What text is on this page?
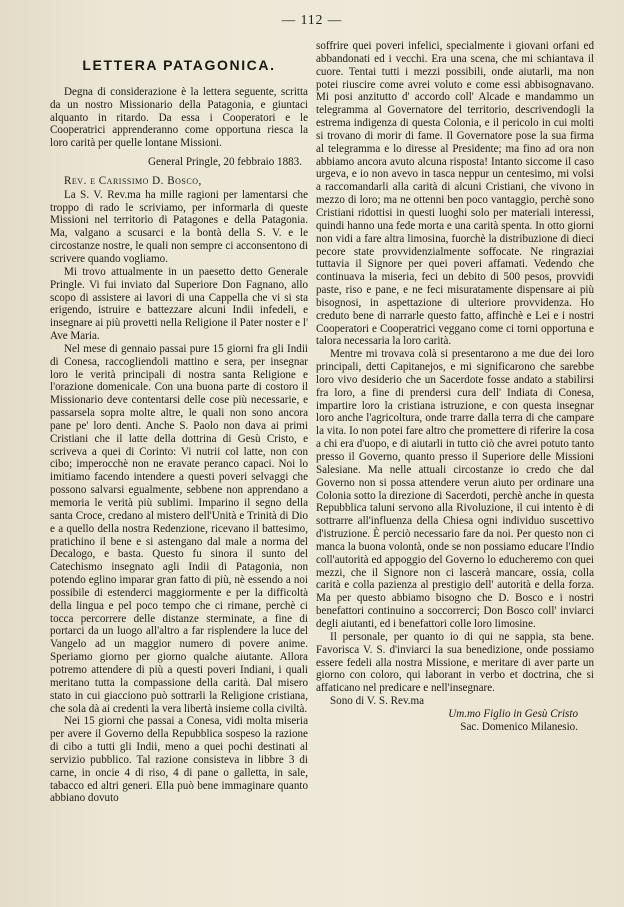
— 112 —
LETTERA PATAGONICA.

Degna di considerazione è la lettera seguente, scritta da un nostro Missionario della Patagonia, e giuntaci alquanto in ritardo. Da essa i Cooperatori e le Cooperatrici apprenderanno come opportuna riesca la loro carità per quelle lontane Missioni.

General Pringle, 20 febbraio 1883.
Rev. e Carissimo D. Bosco,

La S. V. Rev.ma ha mille ragioni per lamentarsi che troppo di rado le scriviamo, per informarla di queste Missioni nel territorio di Patagones e della Patagonia. Ma, valgano a scusarci e la bontà della S. V. e le circostanze nostre, le quali non sempre ci acconsentono di scrivere quando vogliamo.

Mi trovo attualmente in un paesetto detto Generale Pringle. Vi fui inviato dal Superiore Don Fagnano, allo scopo di assistere ai lavori di una Cappella che vi si sta erigendo, istruire e battezzare alcuni Indii infedeli, e insegnare ai più provetti nella Religione il Pater noster e l' Ave Maria.

Nel mese di gennaio passai pure 15 giorni fra gli Indii di Conesa, raccogliendoli mattino e sera, per insegnar loro le verità principali di nostra santa Religione e l'orazione domenicale. Con una buona parte di costoro il Missionario deve contentarsi delle cose più necessarie, e passarsela sopra molte altre, le quali non sono ancora pane pe' loro denti. Anche S. Paolo non dava ai primi Cristiani che il latte della dottrina di Gesù Cristo, e scriveva a quei di Corinto: Vi nutrii col latte, non con cibo; imperocchè non ne eravate peranco capaci. Noi lo imitiamo facendo intendere a questi poveri selvaggi che possono salvarsi egualmente, sebbene non apprendano a memoria le verità più sublimi. Imparino il segno della santa Croce, credano al mistero dell'Unità e Trinità di Dio e a quello della nostra Redenzione, ricevano il battesimo, pratichino il bene e si astengano dal male a norma del Decalogo, e basta. Questo fu sinora il sunto del Catechismo insegnato agli Indii di Patagonia, non potendo eglino imparar gran fatto di più, nè essendo a noi possibile di estenderci maggiormente e per la difficoltà della lingua e pel poco tempo che ci rimane, perchè ci tocca percorrere delle distanze sterminate, a fine di portarci da un luogo all'altro a far risplendere la luce del Vangelo ad un maggior numero di povere anime. Speriamo giorno per giorno qualche aiutante. Allora potremo attendere di più a questi poveri Indiani, i quali meritano tutta la compassione della carità. Dal misero stato in cui giacciono può sottrarli la Religione cristiana, che sola dà ai credenti la vera libertà insieme colla civiltà.

Nei 15 giorni che passai a Conesa, vidi molta miseria per avere il Governo della Repubblica sospeso la razione di cibo a tutti gli Indii, meno a quei pochi destinati al servizio pubblico. Tal razione consisteva in libbre 3 di carne, in oncie 4 di riso, 4 di pane o galletta, in sale, tabacco ed altri generi. Ella può bene immaginare quanto abbiano dovuto

soffrire quei poveri infelici, specialmente i giovani orfani ed abbandonati ed i vecchi. Era una scena, che mi schiantava il cuore. Tentai tutti i mezzi possibili, onde aiutarli, ma non potei riuscire come avrei voluto e come essi abbisognavano. Mi posi anzitutto d' accordo coll' Alcade e mandammo un telegramma al Governatore del territorio, descrivendogli la estrema indigenza di questa Colonia, e il pericolo in cui molti si trovano di morir di fame. Il Governatore pose la sua firma al telegramma e lo diresse al Presidente; ma fino ad ora non abbiamo ancora avuto alcuna risposta! Intanto siccome il caso urgeva, e io non avevo in tasca neppur un centesimo, mi volsi a raccomandarli alla carità di alcuni Cristiani, che vivono in mezzo di loro; ma ne ottenni ben poco vantaggio, perchè sono Cristiani ridottisi in questi luoghi solo per materiali interessi, quindi hanno una fede morta e una carità spenta. In otto giorni non vidi a fare altra limosina, fuorchè la distribuzione di dieci pecore state provvidenzialmente soffocate. Ne ringraziai tuttavia il Signore per quei poveri affamati. Vedendo che continuava la miseria, feci un debito di 500 pesos, provvidi paste, riso e pane, e ne feci misuratamente dispensare ai più bisognosi, in aspettazione di ulteriore provvidenza. Ho creduto bene di narrarle questo fatto, affinchè e Lei e i nostri Cooperatori e Cooperatrici veggano come ci torni opportuna e talora necessaria la loro carità.

Mentre mi trovava colà si presentarono a me due dei loro principali, detti Capitanejos, e mi significarono che sarebbe loro vivo desiderio che un Sacerdote fosse andato a stabilirsi fra loro, a fine di prendersi cura dell' Indiata di Conesa, impartire loro la cristiana istruzione, e con questa insegnar loro anche l'agricoltura, onde trarre dalla terra di che campare la vita. Io non potei fare altro che promettere di riferire la cosa a chi era d'uopo, e di aiutarli in tutto ciò che avrei potuto tanto presso il Governo, quanto presso il Superiore delle Missioni Salesiane. Ma nelle attuali circostanze io credo che dal Governo non si possa attendere verun aiuto per ordinare una Colonia sotto la direzione di Sacerdoti, perchè anche in questa Repubblica taluni servono alla Rivoluzione, il cui intento è di sottrarre all'influenza della Chiesa ogni individuo suscettivo d'istruzione. È perciò necessario fare da noi. Per questo non ci manca la buona volontà, onde se non possiamo educare l'Indio coll'autorità ed appoggio del Governo lo educheremo con quei mezzi, che il Signore non ci lascerà mancare, ossia, colla carità e colla pazienza al prestigio dell' autorità e della forza. Ma per questo abbiamo bisogno che D. Bosco e i nostri benefattori continuino a soccorrerci; Don Bosco coll' inviarci degli aiutanti, ed i benefattori colle loro limosine.

Il personale, per quanto io di qui ne sappia, sta bene. Favorisca V. S. d'inviarci la sua benedizione, onde possiamo essere fedeli alla nostra Missione, e meritare di aver parte un giorno con coloro, qui laborant in verbo et doctrina, che si affaticano nel predicare e nell'insegnare.

Sono di V. S. Rev.ma

Um.mo Figlio in Gesù Cristo
Sac. Domenico Milanesio.
